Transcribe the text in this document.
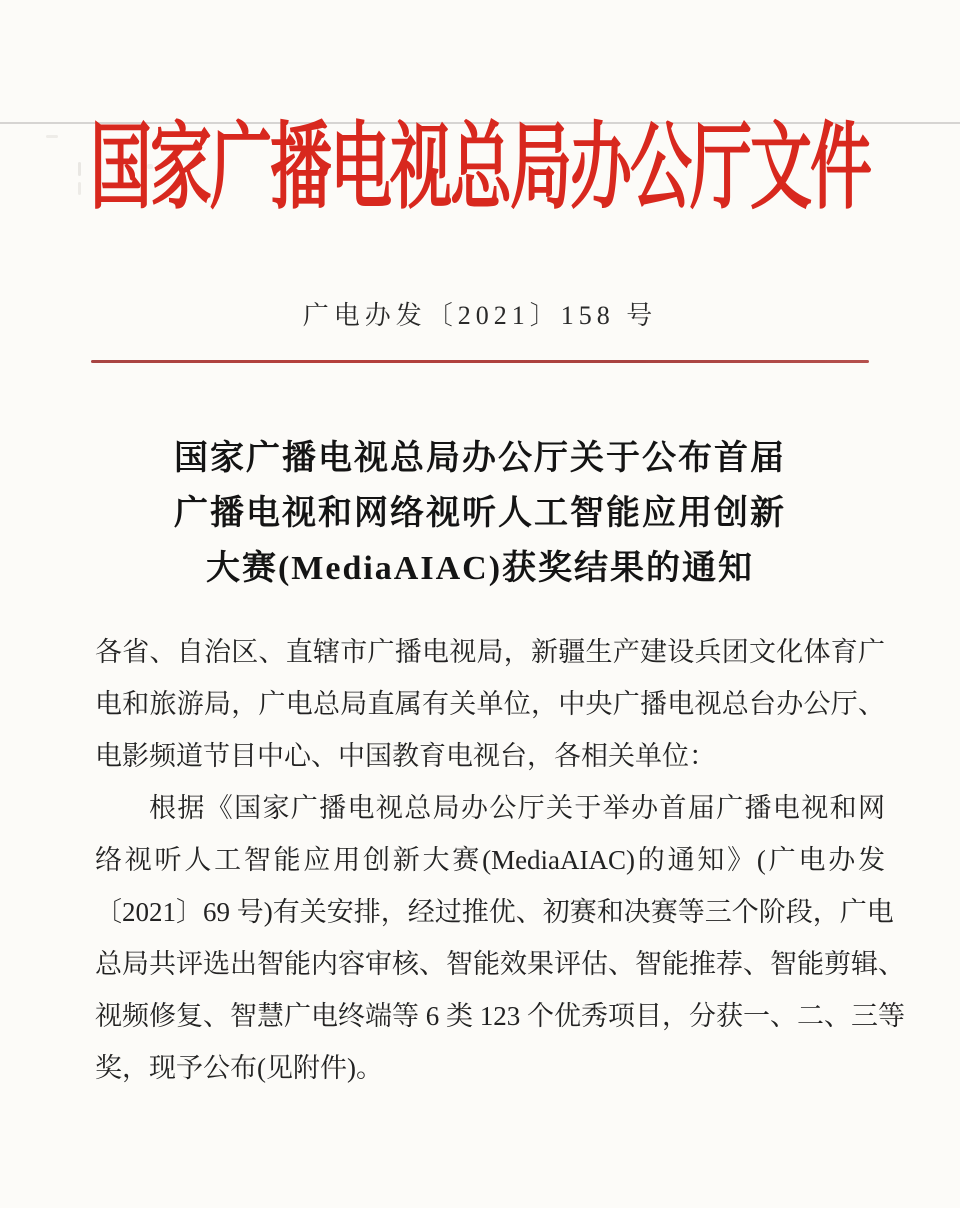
国家广播电视总局办公厅文件
广电办发〔2021〕158 号
国家广播电视总局办公厅关于公布首届
广播电视和网络视听人工智能应用创新
大赛(MediaAIAC)获奖结果的通知
各省、自治区、直辖市广播电视局，新疆生产建设兵团文化体育广
电和旅游局，广电总局直属有关单位，中央广播电视总台办公厅、
电影频道节目中心、中国教育电视台，各相关单位：
根据《国家广播电视总局办公厅关于举办首届广播电视和网
络视听人工智能应用创新大赛(MediaAIAC)的通知》(广电办发
〔2021〕69 号)有关安排，经过推优、初赛和决赛等三个阶段，广电
总局共评选出智能内容审核、智能效果评估、智能推荐、智能剪辑、
视频修复、智慧广电终端等 6 类 123 个优秀项目，分获一、二、三等
奖，现予公布(见附件)。
